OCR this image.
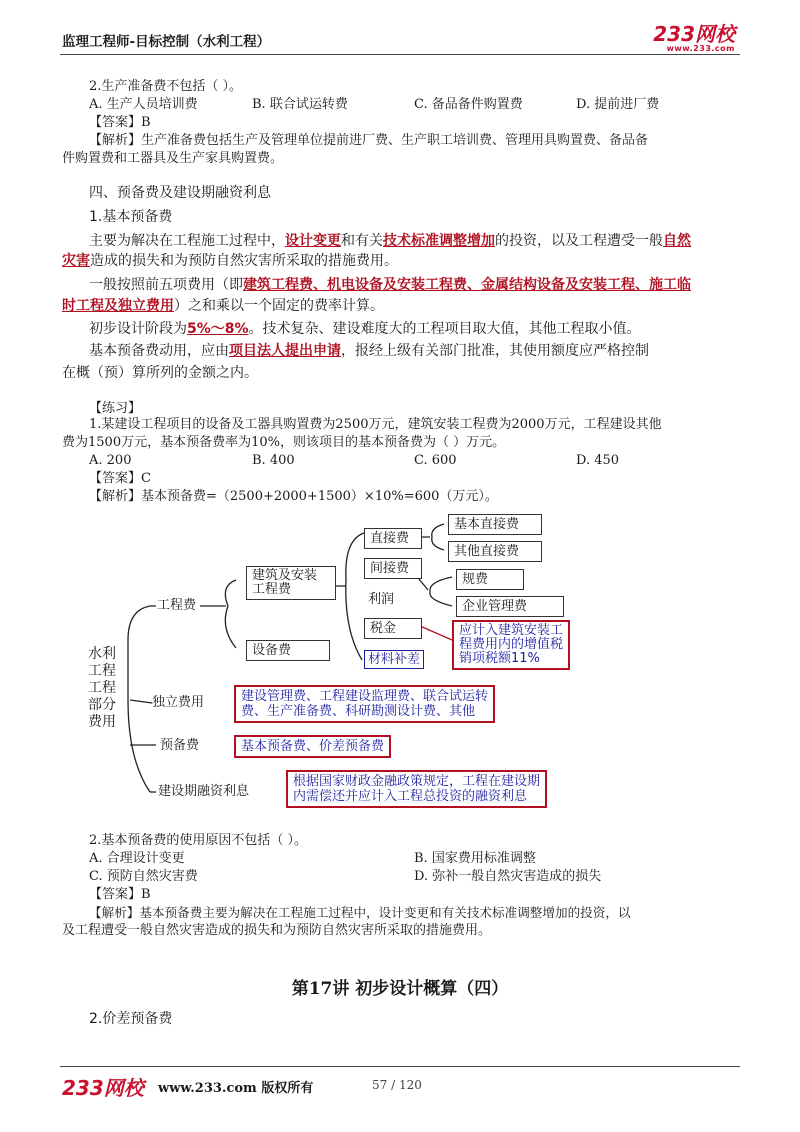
监理工程师-目标控制（水利工程）	233网校
www.233.com
2.生产准备费不包括（ ）。
A. 生产人员培训费	B. 联合试运转费	C. 备品备件购置费	D. 提前进厂费
【答案】B
【解析】生产准备费包括生产及管理单位提前进厂费、生产职工培训费、管理用具购置费、备品备
件购置费和工器具及生产家具购置费。
四、预备费及建设期融资利息
1.基本预备费
主要为解决在工程施工过程中，设计变更和有关技术标准调整增加的投资，以及工程遭受一般自然
灾害造成的损失和为预防自然灾害所采取的措施费用。
一般按照前五项费用（即建筑工程费、机电设备及安装工程费、金属结构设备及安装工程、施工临
时工程及独立费用）之和乘以一个固定的费率计算。
初步设计阶段为5%～8%。技术复杂、建设难度大的工程项目取大值，其他工程取小值。
基本预备费动用，应由项目法人提出申请，报经上级有关部门批准，其使用额度应严格控制
在概（预）算所列的金额之内。
【练习】
1.某建设工程项目的设备及工器具购置费为2500万元，建筑安装工程费为2000万元，工程建设其他
费为1500万元，基本预备费率为10%，则该项目的基本预备费为（ ）万元。
A. 200	B. 400	C. 600	D. 450
【答案】C
【解析】基本预备费=（2500+2000+1500）×10%=600（万元）。
水利
工程
工程
部分
费用
工程费
建筑及安装
工程费
设备费
直接费
基本直接费
其他直接费
间接费
规费
企业管理费
利润
税金
材料补差
应计入建筑安装工
程费用内的增值税
销项税额11%
独立费用	建设管理费、工程建设监理费、联合试运转
费、生产准备费、科研勘测设计费、其他
预备费	基本预备费、价差预备费
建设期融资利息
根据国家财政金融政策规定，工程在建设期
内需偿还并应计入工程总投资的融资利息
2.基本预备费的使用原因不包括（ ）。
A. 合理设计变更	B. 国家费用标准调整
C. 预防自然灾害费	D. 弥补一般自然灾害造成的损失
【答案】B
【解析】基本预备费主要为解决在工程施工过程中，设计变更和有关技术标准调整增加的投资，以
及工程遭受一般自然灾害造成的损失和为预防自然灾害所采取的措施费用。
第17讲 初步设计概算（四）
2.价差预备费
233网校 www.233.com 版权所有	57 / 120
